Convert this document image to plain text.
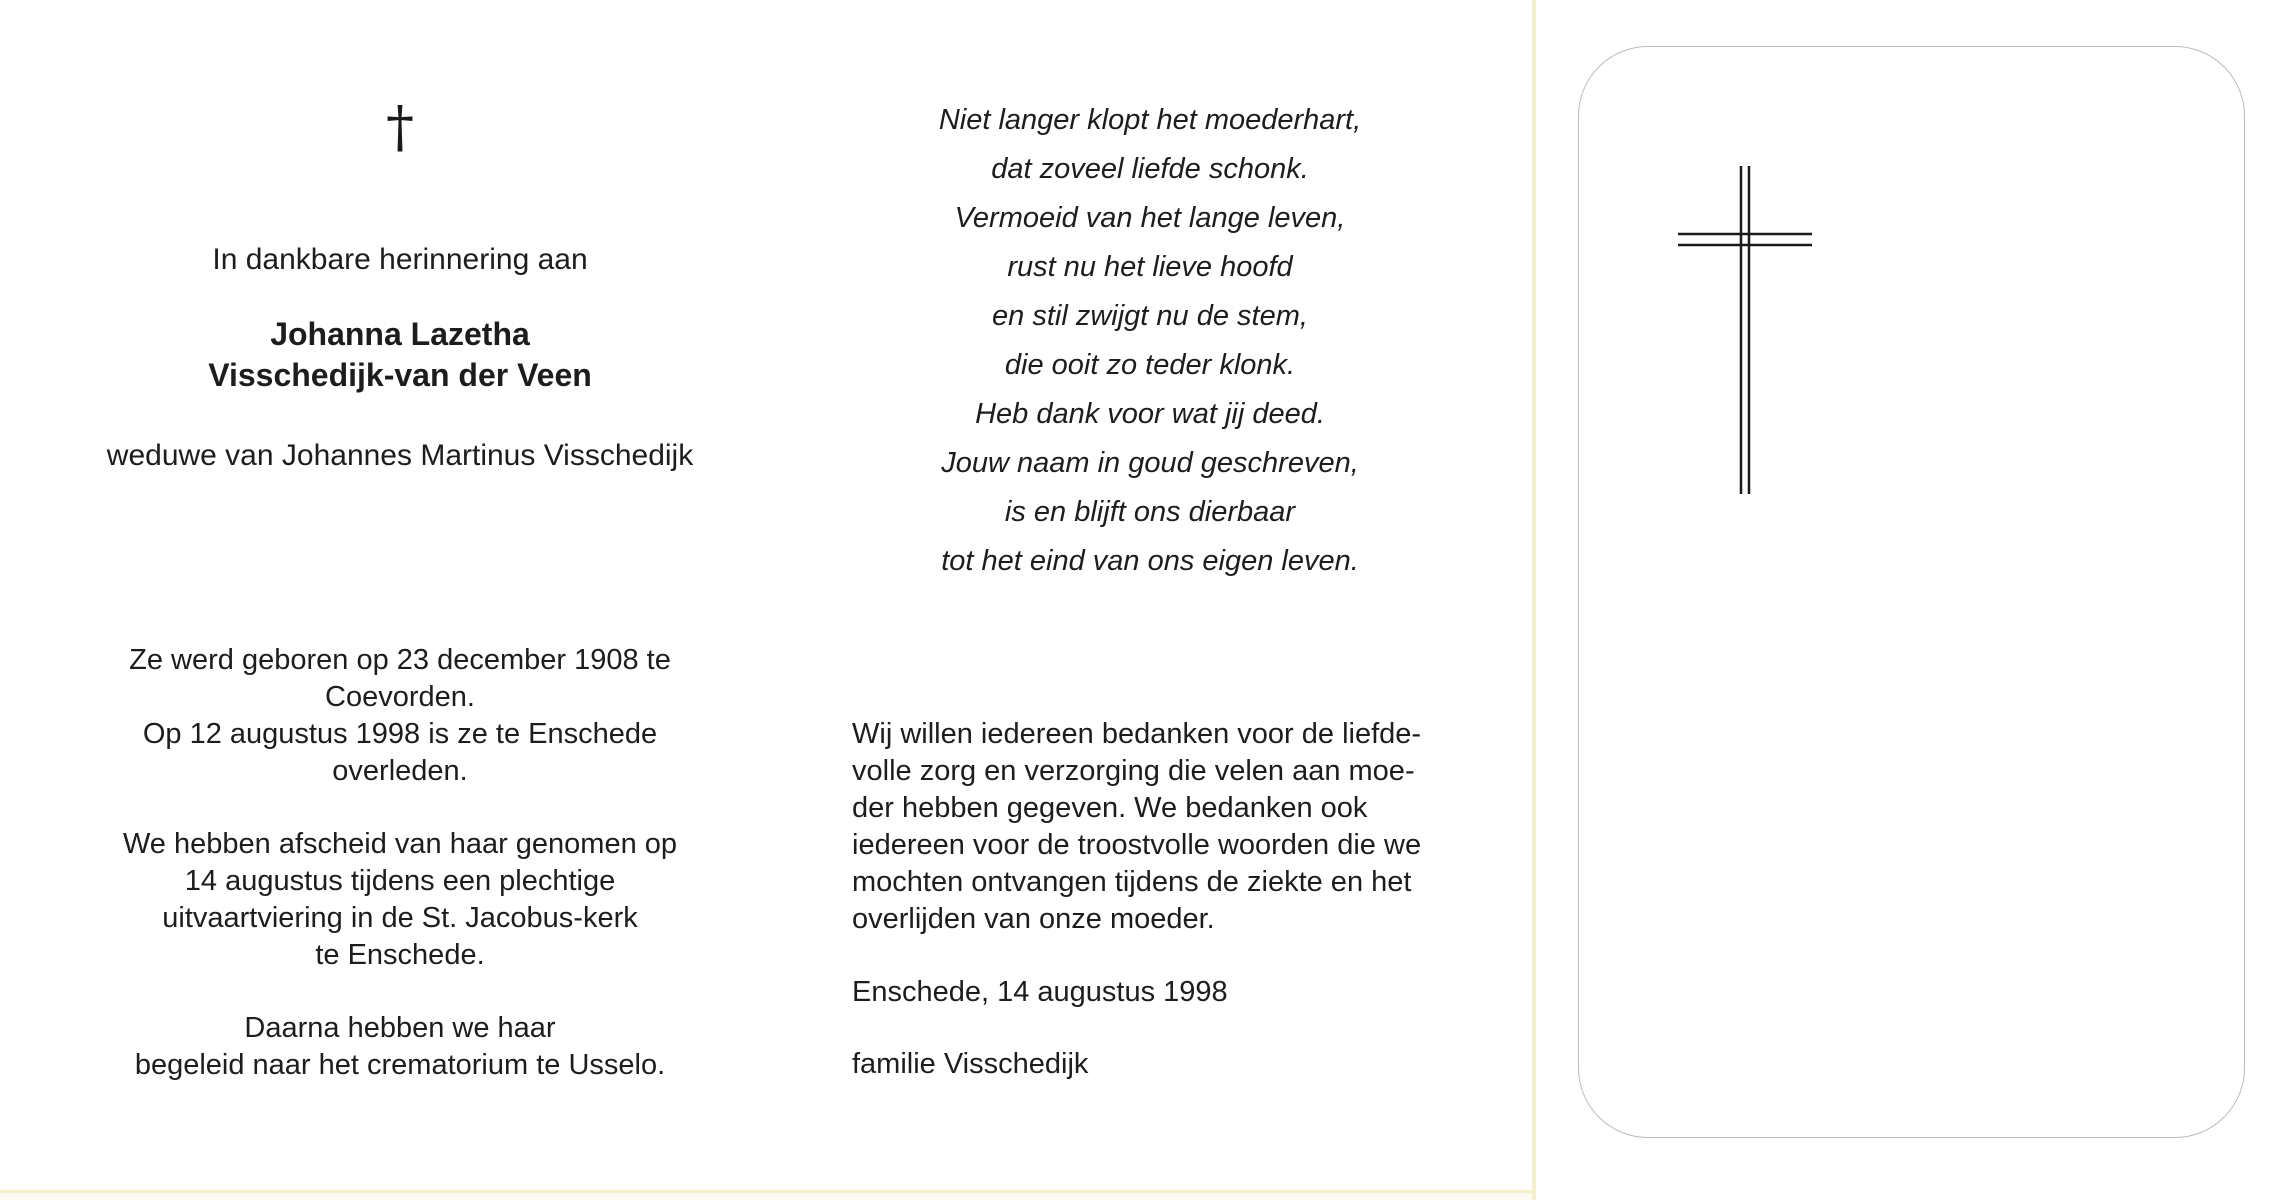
†
In dankbare herinnering aan
Johanna Lazetha
Visschedijk-van der Veen
weduwe van Johannes Martinus Visschedijk
Ze werd geboren op 23 december 1908 te
Coevorden.
Op 12 augustus 1998 is ze te Enschede
overleden.
We hebben afscheid van haar genomen op
14 augustus tijdens een plechtige
uitvaartviering in de St. Jacobus-kerk
te Enschede.
Daarna hebben we haar
begeleid naar het crematorium te Usselo.
Niet langer klopt het moederhart,
dat zoveel liefde schonk.
Vermoeid van het lange leven,
rust nu het lieve hoofd
en stil zwijgt nu de stem,
die ooit zo teder klonk.
Heb dank voor wat jij deed.
Jouw naam in goud geschreven,
is en blijft ons dierbaar
tot het eind van ons eigen leven.
Wij willen iedereen bedanken voor de liefde-
volle zorg en verzorging die velen aan moe-
der hebben gegeven. We bedanken ook
iedereen voor de troostvolle woorden die we
mochten ontvangen tijdens de ziekte en het
overlijden van onze moeder.
Enschede, 14 augustus 1998
familie Visschedijk
